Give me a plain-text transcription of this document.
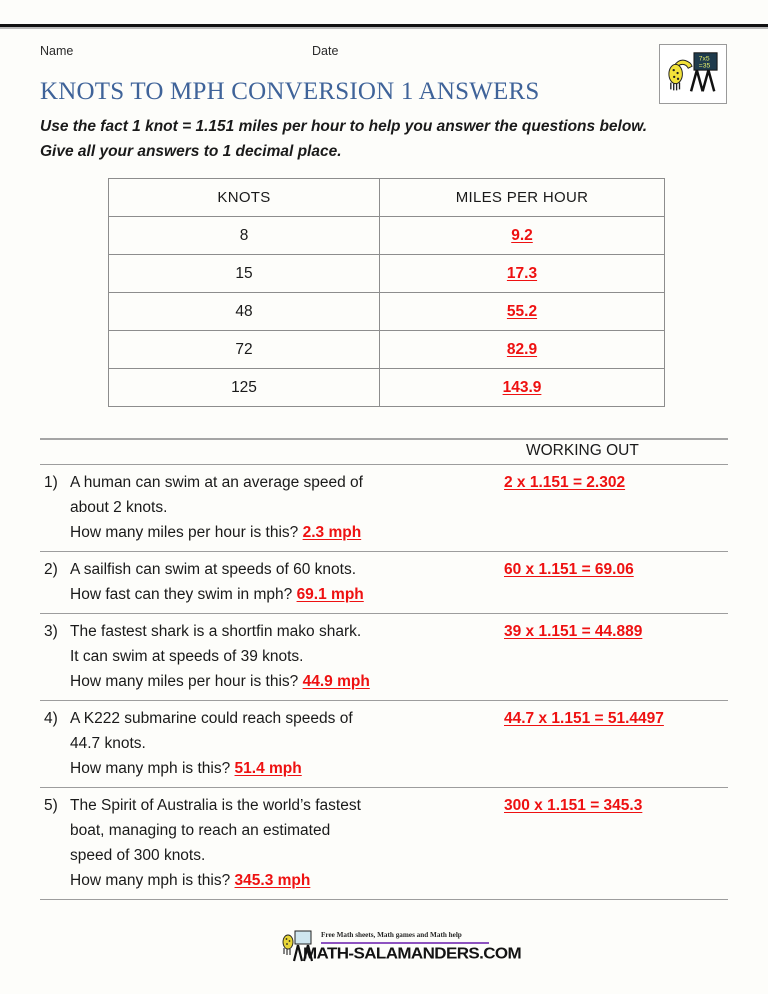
Name	Date
7x5
=35
KNOTS TO MPH CONVERSION 1 ANSWERS
Use the fact 1 knot = 1.151 miles per hour to help you answer the questions below.
Give all your answers to 1 decimal place.
KNOTS	MILES PER HOUR
8	9.2
15	17.3
48	55.2
72	82.9
125	143.9
WORKING OUT
1) A human can swim at an average speed of
about 2 knots.
How many miles per hour is this? 2.3 mph
2 x 1.151 = 2.302
2) A sailfish can swim at speeds of 60 knots.
How fast can they swim in mph? 69.1 mph
60 x 1.151 = 69.06
3) The fastest shark is a shortfin mako shark.
It can swim at speeds of 39 knots.
How many miles per hour is this? 44.9 mph
39 x 1.151 = 44.889
4) A K222 submarine could reach speeds of
44.7 knots.
How many mph is this? 51.4 mph
44.7 x 1.151 = 51.4497
5) The Spirit of Australia is the world’s fastest
boat, managing to reach an estimated
speed of 300 knots.
How many mph is this? 345.3 mph
300 x 1.151 = 345.3
Free Math sheets, Math games and Math help
MATH-SALAMANDERS.COM
